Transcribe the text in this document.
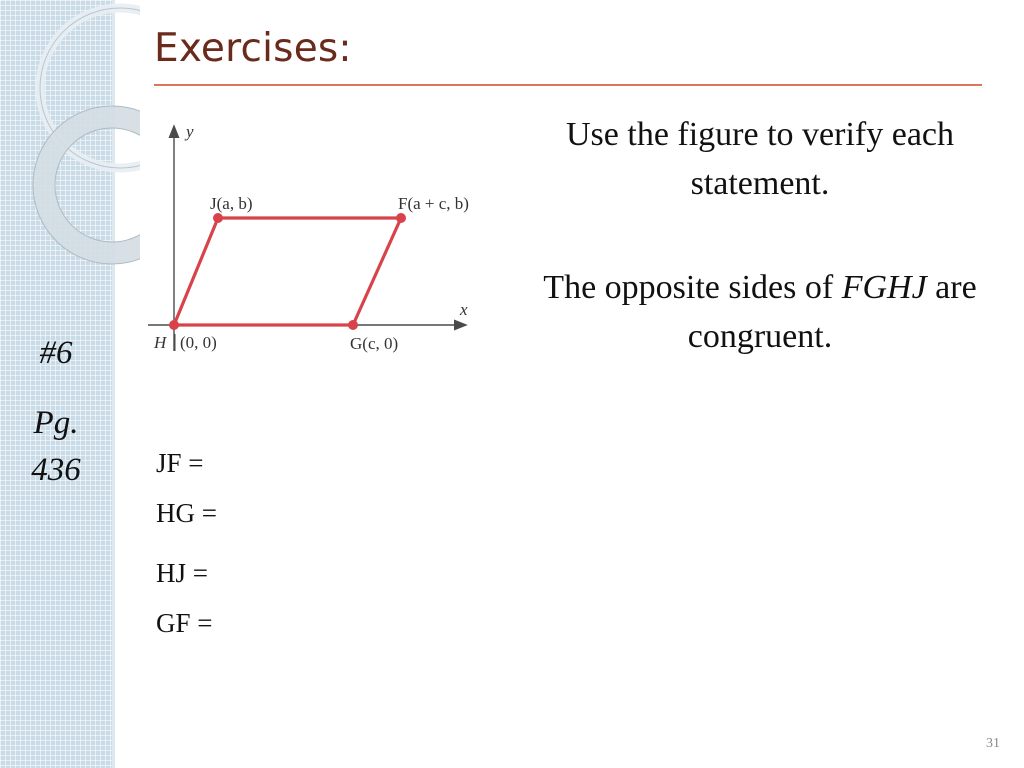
#6
Pg.
436
Exercises:
y
x
J(a, b)	F(a + c, b)
H (0, 0)	G(c, 0)

Use the figure to verify each statement.

The opposite sides of FGHJ are congruent.

JF =
HG =
HJ =
GF =
31
